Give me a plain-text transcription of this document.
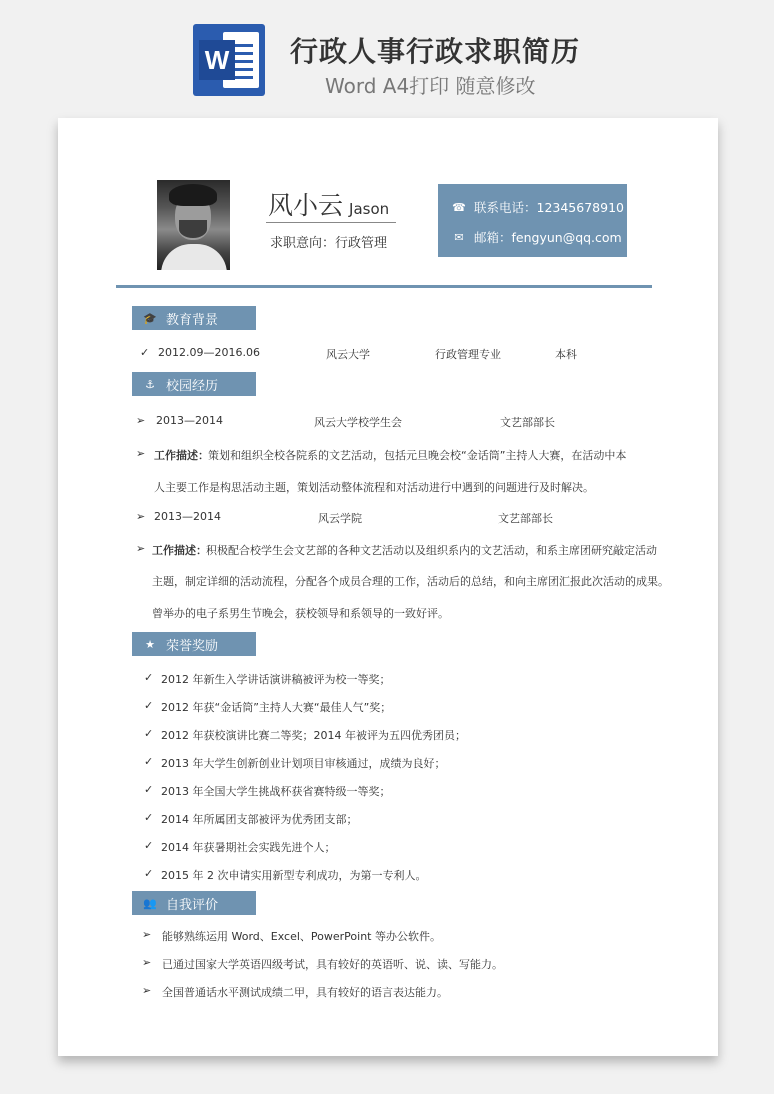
W 行政人事行政求职简历
Word A4打印 随意修改
风小云 Jason
求职意向：行政管理
☎ 联系电话：12345678910
✉ 邮箱：fengyun@qq.com
🎓 教育背景
✓ 2012.09—2016.06	风云大学	行政管理专业	本科
⚓ 校园经历
➢ 2013—2014	风云大学校学生会	文艺部部长
➢ 工作描述： 策划和组织全校各院系的文艺活动，包括元旦晚会校“金话筒”主持人大赛，在活动中本
人主要工作是构思活动主题，策划活动整体流程和对活动进行中遇到的问题进行及时解决。
➢ 2013—2014	风云学院	文艺部部长
➢ 工作描述： 积极配合校学生会文艺部的各种文艺活动以及组织系内的文艺活动，和系主席团研究敲定活动
主题，制定详细的活动流程，分配各个成员合理的工作，活动后的总结，和向主席团汇报此次活动的成果。
曾举办的电子系男生节晚会，获校领导和系领导的一致好评。
★ 荣誉奖励
✓ 2012 年新生入学讲话演讲稿被评为校一等奖；
✓ 2012 年获“金话筒”主持人大赛“最佳人气”奖；
✓ 2012 年获校演讲比赛二等奖；2014 年被评为五四优秀团员；
✓ 2013 年大学生创新创业计划项目审核通过，成绩为良好；
✓ 2013 年全国大学生挑战杯获省赛特级一等奖；
✓ 2014 年所属团支部被评为优秀团支部；
✓ 2014 年获暑期社会实践先进个人；
✓ 2015 年 2 次申请实用新型专利成功，为第一专利人。
👥 自我评价
➢ 能够熟练运用 Word、Excel、PowerPoint 等办公软件。
➢ 已通过国家大学英语四级考试，具有较好的英语听、说、读、写能力。
➢ 全国普通话水平测试成绩二甲，具有较好的语言表达能力。
